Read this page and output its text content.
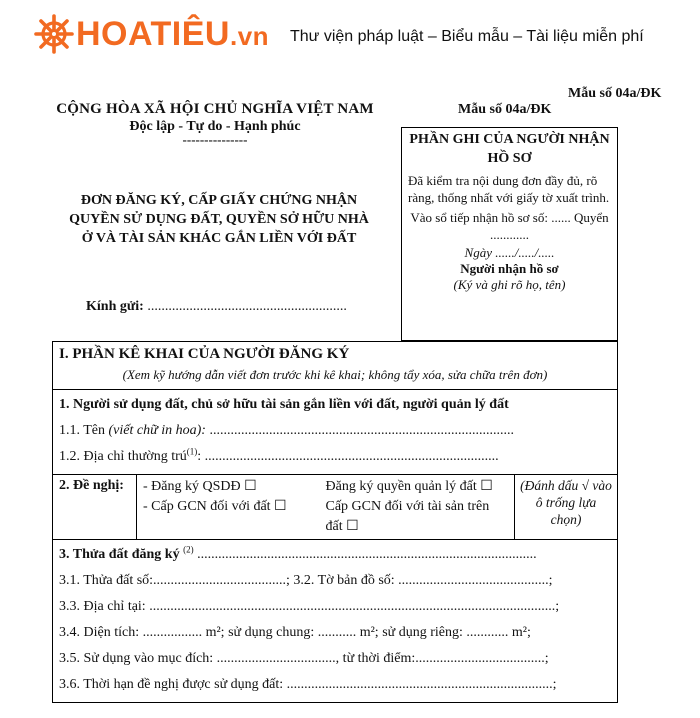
HOATIÊU.vn Thư viện pháp luật – Biểu mẫu – Tài liệu miễn phí
Mẫu số 04a/ĐK
Mẫu số 04a/ĐK
CỘNG HÒA XÃ HỘI CHỦ NGHĨA VIỆT NAM
Độc lập - Tự do - Hạnh phúc
---------------
ĐƠN ĐĂNG KÝ, CẤP GIẤY CHỨNG NHẬN QUYỀN SỬ DỤNG ĐẤT, QUYỀN SỞ HỮU NHÀ Ở VÀ TÀI SẢN KHÁC GẮN LIỀN VỚI ĐẤT
Kính gửi: .........................................................
PHẦN GHI CỦA NGƯỜI NHẬN HỒ SƠ
Đã kiểm tra nội dung đơn đầy đủ, rõ ràng, thống nhất với giấy tờ xuất trình.
Vào sổ tiếp nhận hồ sơ số: ...... Quyển ............
Ngày ....../...../.....
Người nhận hồ sơ
(Ký và ghi rõ họ, tên)
I. PHẦN KÊ KHAI CỦA NGƯỜI ĐĂNG KÝ
(Xem kỹ hướng dẫn viết đơn trước khi kê khai; không tẩy xóa, sửa chữa trên đơn)
1. Người sử dụng đất, chủ sở hữu tài sản gắn liền với đất, người quản lý đất
1.1. Tên (viết chữ in hoa): .......................................................................................
1.2. Địa chỉ thường trú$^{(1)}$: ....................................................................................
2. Đề nghị:	- Đăng ký QSDĐ ☐	Đăng ký quyền quản lý đất ☐
- Cấp GCN đối với đất ☐	Cấp GCN đối với tài sản trên đất ☐
(Đánh dấu √ vào ô trống lựa chọn)
3. Thửa đất đăng ký $^{(2)}$ .................................................................................................
3.1. Thửa đất số:......................................; 3.2. Tờ bản đồ số: ...........................................;
3.3. Địa chỉ tại: ....................................................................................................................;
3.4. Diện tích: ................. m²; sử dụng chung: ........... m²; sử dụng riêng: ............ m²;
3.5. Sử dụng vào mục đích: .................................., từ thời điểm:.....................................;
3.6. Thời hạn đề nghị được sử dụng đất: ............................................................................;
